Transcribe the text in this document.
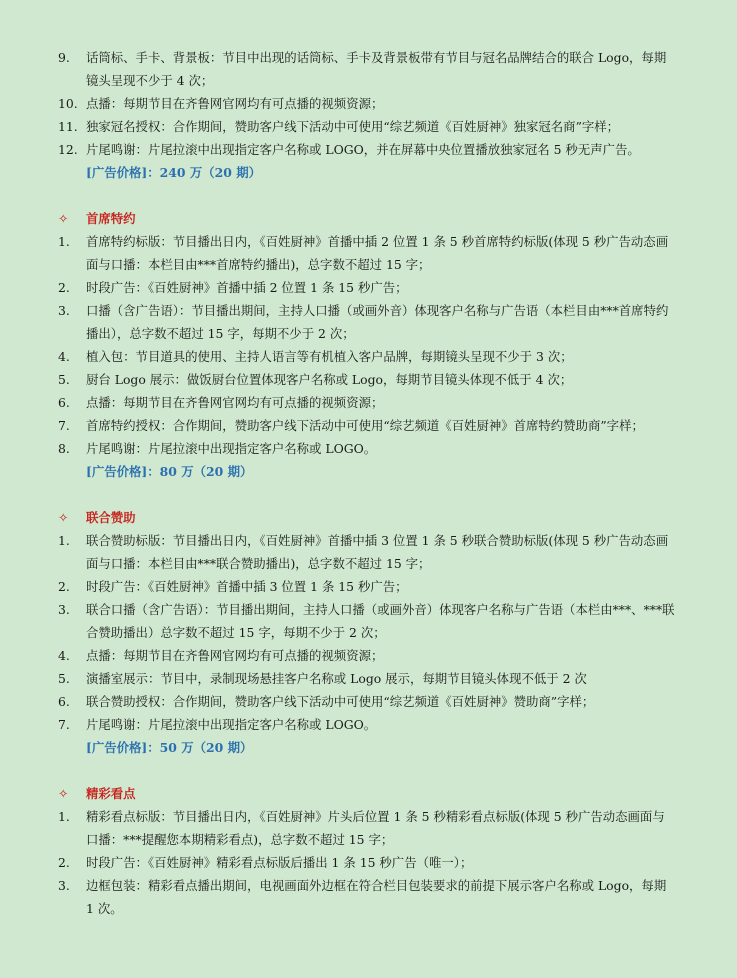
9.	话筒标、手卡、背景板：节目中出现的话筒标、手卡及背景板带有节目与冠名品牌结合的联合 Logo，每期镜头呈现不少于 4 次；
10. 点播：每期节目在齐鲁网官网均有可点播的视频资源；
11. 独家冠名授权：合作期间，赞助客户线下活动中可使用“综艺频道《百姓厨神》独家冠名商”字样；
12. 片尾鸣谢：片尾拉滚中出现指定客户名称或 LOGO，并在屏幕中央位置播放独家冠名 5 秒无声广告。
[广告价格]：240 万（20 期）
✧	首席特约
1.	首席特约标版：节目播出日内，《百姓厨神》首播中插 2 位置 1 条 5 秒首席特约标版(体现 5 秒广告动态画面与口播：本栏目由***首席特约播出)，总字数不超过 15 字；
2.	时段广告：《百姓厨神》首播中插 2 位置 1 条 15 秒广告；
3.	口播（含广告语）：节目播出期间，主持人口播（或画外音）体现客户名称与广告语（本栏目由***首席特约播出），总字数不超过 15 字，每期不少于 2 次；
4.	植入包：节目道具的使用、主持人语言等有机植入客户品牌，每期镜头呈现不少于 3 次；
5.	厨台 Logo 展示：做饭厨台位置体现客户名称或 Logo，每期节目镜头体现不低于 4 次；
6.	点播：每期节目在齐鲁网官网均有可点播的视频资源；
7.	首席特约授权：合作期间，赞助客户线下活动中可使用“综艺频道《百姓厨神》首席特约赞助商”字样；
8.	片尾鸣谢：片尾拉滚中出现指定客户名称或 LOGO。
[广告价格]：80 万（20 期）
✧	联合赞助
1.	联合赞助标版：节目播出日内，《百姓厨神》首播中插 3 位置 1 条 5 秒联合赞助标版(体现 5 秒广告动态画面与口播：本栏目由***联合赞助播出)，总字数不超过 15 字；
2.	时段广告：《百姓厨神》首播中插 3 位置 1 条 15 秒广告；
3.	联合口播（含广告语）：节目播出期间，主持人口播（或画外音）体现客户名称与广告语（本栏由***、***联合赞助播出）总字数不超过 15 字，每期不少于 2 次；
4.	点播：每期节目在齐鲁网官网均有可点播的视频资源；
5.	演播室展示：节目中，录制现场悬挂客户名称或 Logo 展示，每期节目镜头体现不低于 2 次
6.	联合赞助授权：合作期间，赞助客户线下活动中可使用“综艺频道《百姓厨神》赞助商”字样；
7.	片尾鸣谢：片尾拉滚中出现指定客户名称或 LOGO。
[广告价格]：50 万（20 期）
✧	精彩看点
1.	精彩看点标版：节目播出日内，《百姓厨神》片头后位置 1 条 5 秒精彩看点标版(体现 5 秒广告动态画面与口播：***提醒您本期精彩看点)，总字数不超过 15 字；
2.	时段广告：《百姓厨神》精彩看点标版后播出 1 条 15 秒广告（唯一）；
3.	边框包装：精彩看点播出期间，电视画面外边框在符合栏目包装要求的前提下展示客户名称或 Logo，每期 1 次。
